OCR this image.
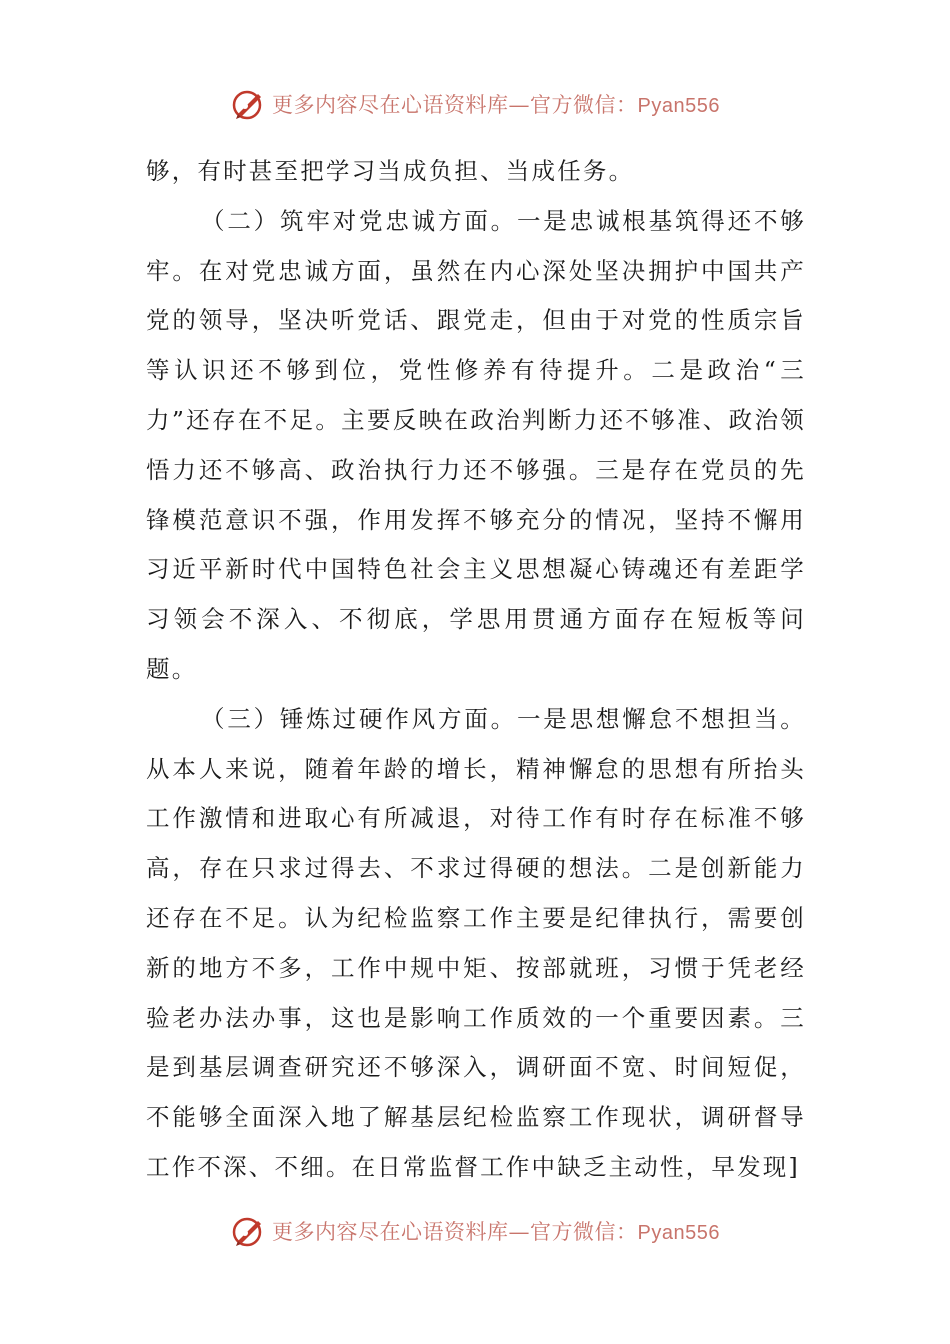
更多内容尽在心语资料库—官方微信：Pyan556

够，有时甚至把学习当成负担、当成任务。

（二）筑牢对党忠诚方面。一是忠诚根基筑得还不够牢。在对党忠诚方面，虽然在内心深处坚决拥护中国共产党的领导，坚决听党话、跟党走，但由于对党的性质宗旨等认识还不够到位，党性修养有待提升。二是政治“三力”还存在不足。主要反映在政治判断力还不够准、政治领悟力还不够高、政治执行力还不够强。三是存在党员的先锋模范意识不强，作用发挥不够充分的情况，坚持不懈用习近平新时代中国特色社会主义思想凝心铸魂还有差距学习领会不深入、不彻底，学思用贯通方面存在短板等问题。

（三）锤炼过硬作风方面。一是思想懈怠不想担当。从本人来说，随着年龄的增长，精神懈怠的思想有所抬头工作激情和进取心有所减退，对待工作有时存在标准不够高，存在只求过得去、不求过得硬的想法。二是创新能力还存在不足。认为纪检监察工作主要是纪律执行，需要创新的地方不多，工作中规中矩、按部就班，习惯于凭老经验老办法办事，这也是影响工作质效的一个重要因素。三是到基层调查研究还不够深入，调研面不宽、时间短促，不能够全面深入地了解基层纪检监察工作现状，调研督导工作不深、不细。在日常监督工作中缺乏主动性，早发现]

更多内容尽在心语资料库—官方微信：Pyan556
